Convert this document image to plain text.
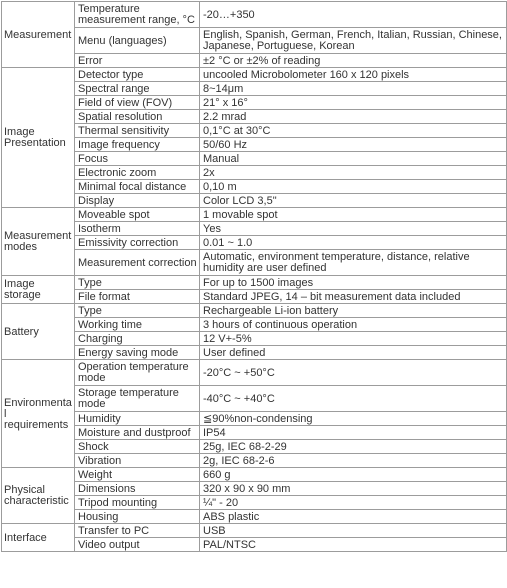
Measurement	Temperature measurement range, °C	-20…+350
	Menu (languages)	English, Spanish, German, French, Italian, Russian, Chinese, Japanese, Portuguese, Korean
	Error	±2 °C or ±2% of reading
Image Presentation	Detector type	uncooled Microbolometer 160 x 120 pixels
	Spectral range	8~14μm
	Field of view (FOV)	21° x 16°
	Spatial resolution	2.2 mrad
	Thermal sensitivity	0,1°C at 30°C
	Image frequency	50/60 Hz
	Focus	Manual
	Electronic zoom	2x
	Minimal focal distance	0,10 m
	Display	Color LCD 3,5"
Measurement modes	Moveable spot	1 movable spot
	Isotherm	Yes
	Emissivity correction	0.01 ~ 1.0
	Measurement correction	Automatic, environment temperature, distance, relative humidity are user defined
Image storage	Type	For up to 1500 images
	File format	Standard JPEG, 14 – bit measurement data included
Battery	Type	Rechargeable Li-ion battery
	Working time	3 hours of continuous operation
	Charging	12 V+-5%
	Energy saving mode	User defined
Environmental requirements	Operation temperature mode	-20°C ~ +50°C
	Storage temperature mode	-40°C ~ +40°C
	Humidity	≦90%non-condensing
	Moisture and dustproof	IP54
	Shock	25g, IEC 68-2-29
	Vibration	2g, IEC 68-2-6
Physical characteristic	Weight	660 g
	Dimensions	320 x 90 x 90 mm
	Tripod mounting	¼" - 20
	Housing	ABS plastic
Interface	Transfer to PC	USB
	Video output	PAL/NTSC
